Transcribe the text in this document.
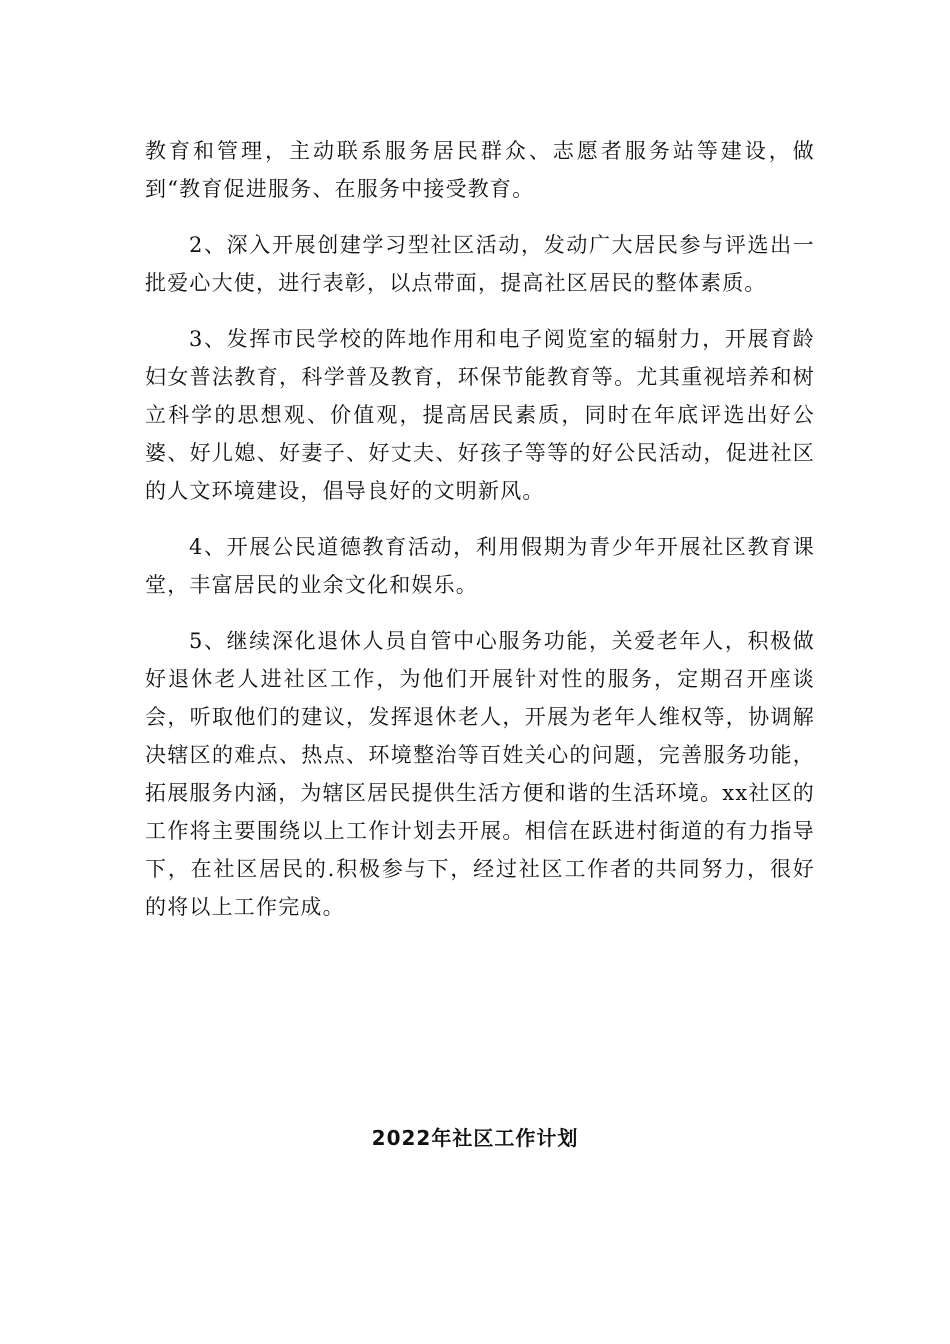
教育和管理，主动联系服务居民群众、志愿者服务站等建设，做到“教育促进服务、在服务中接受教育。

2、深入开展创建学习型社区活动，发动广大居民参与评选出一批爱心大使，进行表彰，以点带面，提高社区居民的整体素质。

3、发挥市民学校的阵地作用和电子阅览室的辐射力，开展育龄妇女普法教育，科学普及教育，环保节能教育等。尤其重视培养和树立科学的思想观、价值观，提高居民素质，同时在年底评选出好公婆、好儿媳、好妻子、好丈夫、好孩子等等的好公民活动，促进社区的人文环境建设，倡导良好的文明新风。

4、开展公民道德教育活动，利用假期为青少年开展社区教育课堂，丰富居民的业余文化和娱乐。

5、继续深化退休人员自管中心服务功能，关爱老年人，积极做好退休老人进社区工作，为他们开展针对性的服务，定期召开座谈会，听取他们的建议，发挥退休老人，开展为老年人维权等，协调解决辖区的难点、热点、环境整治等百姓关心的问题，完善服务功能，拓展服务内涵，为辖区居民提供生活方便和谐的生活环境。xx社区的工作将主要围绕以上工作计划去开展。相信在跃进村街道的有力指导下，在社区居民的.积极参与下，经过社区工作者的共同努力，很好的将以上工作完成。

2022年社区工作计划
